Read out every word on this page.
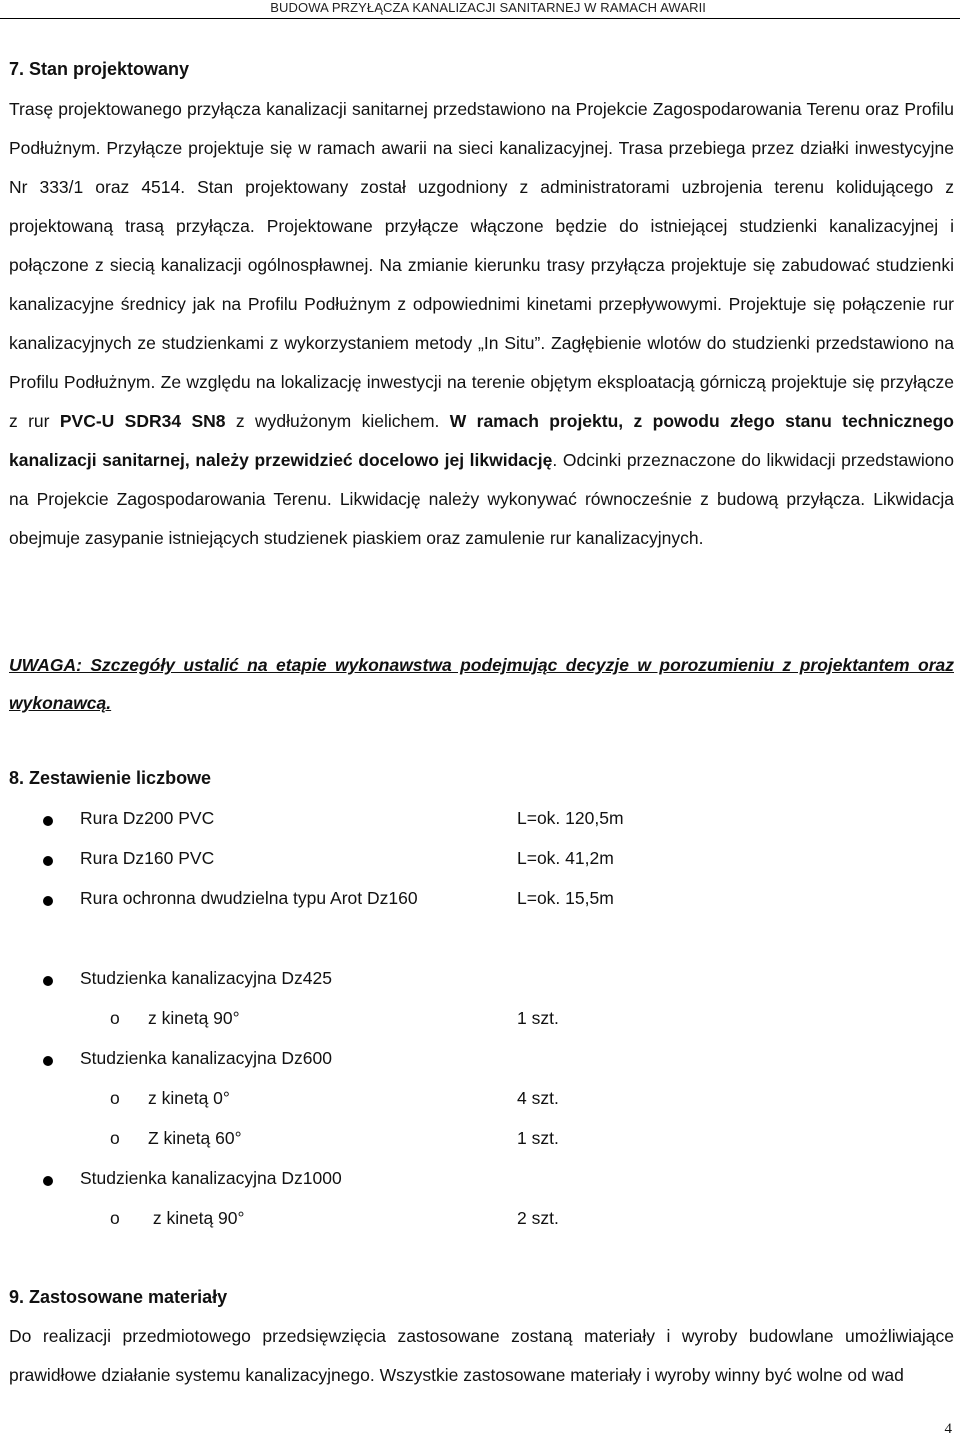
BUDOWA PRZYŁĄCZA KANALIZACJI SANITARNEJ W RAMACH AWARII
7. Stan projektowany

Trasę projektowanego przyłącza kanalizacji sanitarnej przedstawiono na Projekcie Zagospodarowania Terenu oraz Profilu Podłużnym. Przyłącze projektuje się w ramach awarii na sieci kanalizacyjnej. Trasa przebiega przez działki inwestycyjne Nr 333/1 oraz 4514. Stan projektowany został uzgodniony z administratorami uzbrojenia terenu kolidującego z projektowaną trasą przyłącza. Projektowane przyłącze włączone będzie do istniejącej studzienki kanalizacyjnej i połączone z siecią kanalizacji ogólnospławnej. Na zmianie kierunku trasy przyłącza projektuje się zabudować studzienki kanalizacyjne średnicy jak na Profilu Podłużnym z odpowiednimi kinetami przepływowymi. Projektuje się połączenie rur kanalizacyjnych ze studzienkami z wykorzystaniem metody „In Situ”. Zagłębienie wlotów do studzienki przedstawiono na Profilu Podłużnym. Ze względu na lokalizację inwestycji na terenie objętym eksploatacją górniczą projektuje się przyłącze z rur PVC-U SDR34 SN8 z wydłużonym kielichem. W ramach projektu, z powodu złego stanu technicznego kanalizacji sanitarnej, należy przewidzieć docelowo jej likwidację. Odcinki przeznaczone do likwidacji przedstawiono na Projekcie Zagospodarowania Terenu. Likwidację należy wykonywać równocześnie z budową przyłącza. Likwidacja obejmuje zasypanie istniejących studzienek piaskiem oraz zamulenie rur kanalizacyjnych.

UWAGA: Szczegóły ustalić na etapie wykonawstwa podejmując decyzje w porozumieniu z projektantem oraz wykonawcą.

8. Zestawienie liczbowe
Rura Dz200 PVC	L=ok. 120,5m
Rura Dz160 PVC	L=ok. 41,2m
Rura ochronna dwudzielna typu Arot Dz160	L=ok. 15,5m
Studzienka kanalizacyjna Dz425
o z kinetą 90°	1 szt.
Studzienka kanalizacyjna Dz600
o z kinetą 0°	4 szt.
o Z kinetą 60°	1 szt.
Studzienka kanalizacyjna Dz1000
o z kinetą 90°	2 szt.
9. Zastosowane materiały

Do realizacji przedmiotowego przedsięwzięcia zastosowane zostaną materiały i wyroby budowlane umożliwiające prawidłowe działanie systemu kanalizacyjnego. Wszystkie zastosowane materiały i wyroby winny być wolne od wad

4
